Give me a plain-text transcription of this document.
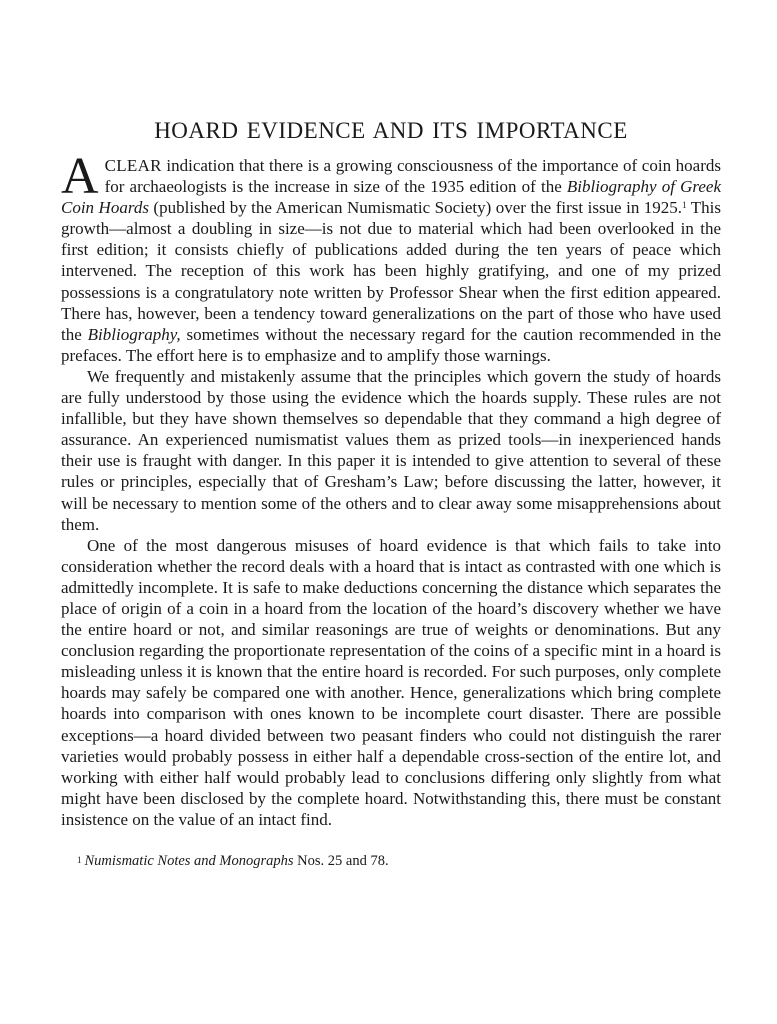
HOARD EVIDENCE AND ITS IMPORTANCE

ACLEAR indication that there is a growing consciousness of the importance of coin hoards for archaeologists is the increase in size of the 1935 edition of the Bibliography of Greek Coin Hoards (published by the American Numismatic Society) over the first issue in 1925.$^1$ This growth—almost a doubling in size—is not due to material which had been overlooked in the first edition; it consists chiefly of publications added during the ten years of peace which intervened. The reception of this work has been highly gratifying, and one of my prized possessions is a congratulatory note written by Professor Shear when the first edition appeared. There has, however, been a tendency toward generalizations on the part of those who have used the Bibliography, sometimes without the necessary regard for the caution recommended in the prefaces. The effort here is to emphasize and to amplify those warnings.

We frequently and mistakenly assume that the principles which govern the study of hoards are fully understood by those using the evidence which the hoards supply. These rules are not infallible, but they have shown themselves so dependable that they command a high degree of assurance. An experienced numismatist values them as prized tools—in inexperienced hands their use is fraught with danger. In this paper it is intended to give attention to several of these rules or principles, especially that of Gresham’s Law; before discussing the latter, however, it will be necessary to mention some of the others and to clear away some misapprehensions about them.

One of the most dangerous misuses of hoard evidence is that which fails to take into consideration whether the record deals with a hoard that is intact as contrasted with one which is admittedly incomplete. It is safe to make deductions concerning the distance which separates the place of origin of a coin in a hoard from the location of the hoard’s discovery whether we have the entire hoard or not, and similar reasonings are true of weights or denominations. But any conclusion regarding the proportionate representation of the coins of a specific mint in a hoard is misleading unless it is known that the entire hoard is recorded. For such purposes, only complete hoards may safely be compared one with another. Hence, generalizations which bring complete hoards into comparison with ones known to be incomplete court disaster. There are possible exceptions—a hoard divided between two peasant finders who could not distinguish the rarer varieties would probably possess in either half a dependable cross-section of the entire lot, and working with either half would probably lead to conclusions differing only slightly from what might have been disclosed by the complete hoard. Notwithstanding this, there must be constant insistence on the value of an intact find.

$^1$ Numismatic Notes and Monographs Nos. 25 and 78.
